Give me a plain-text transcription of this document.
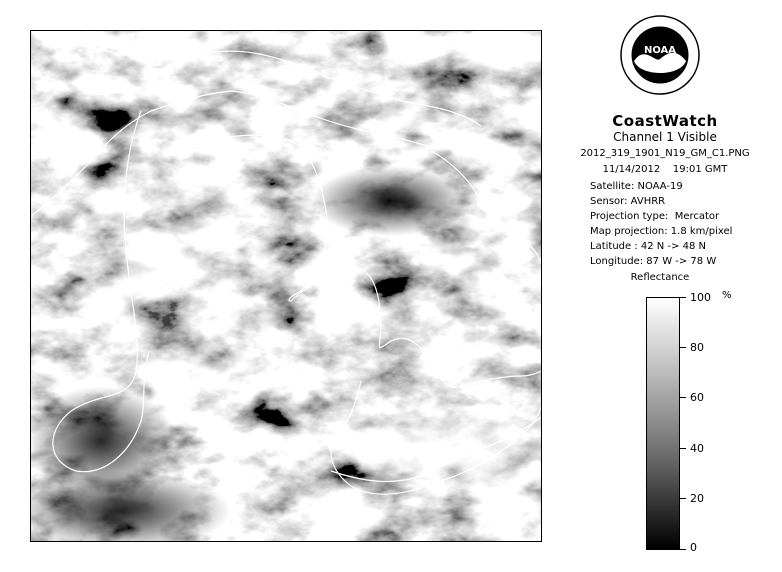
NOAA
CoastWatch
Channel 1 Visible
2012_319_1901_N19_GM_C1.PNG
11/14/2012    19:01 GMT
Satellite: NOAA-19
Sensor: AVHRR
Projection type:  Mercator
Map projection: 1.8 km/pixel
Latitude : 42 N -> 48 N
Longitude: 87 W -> 78 W
Reflectance
%
100
80
60
40
20
0
